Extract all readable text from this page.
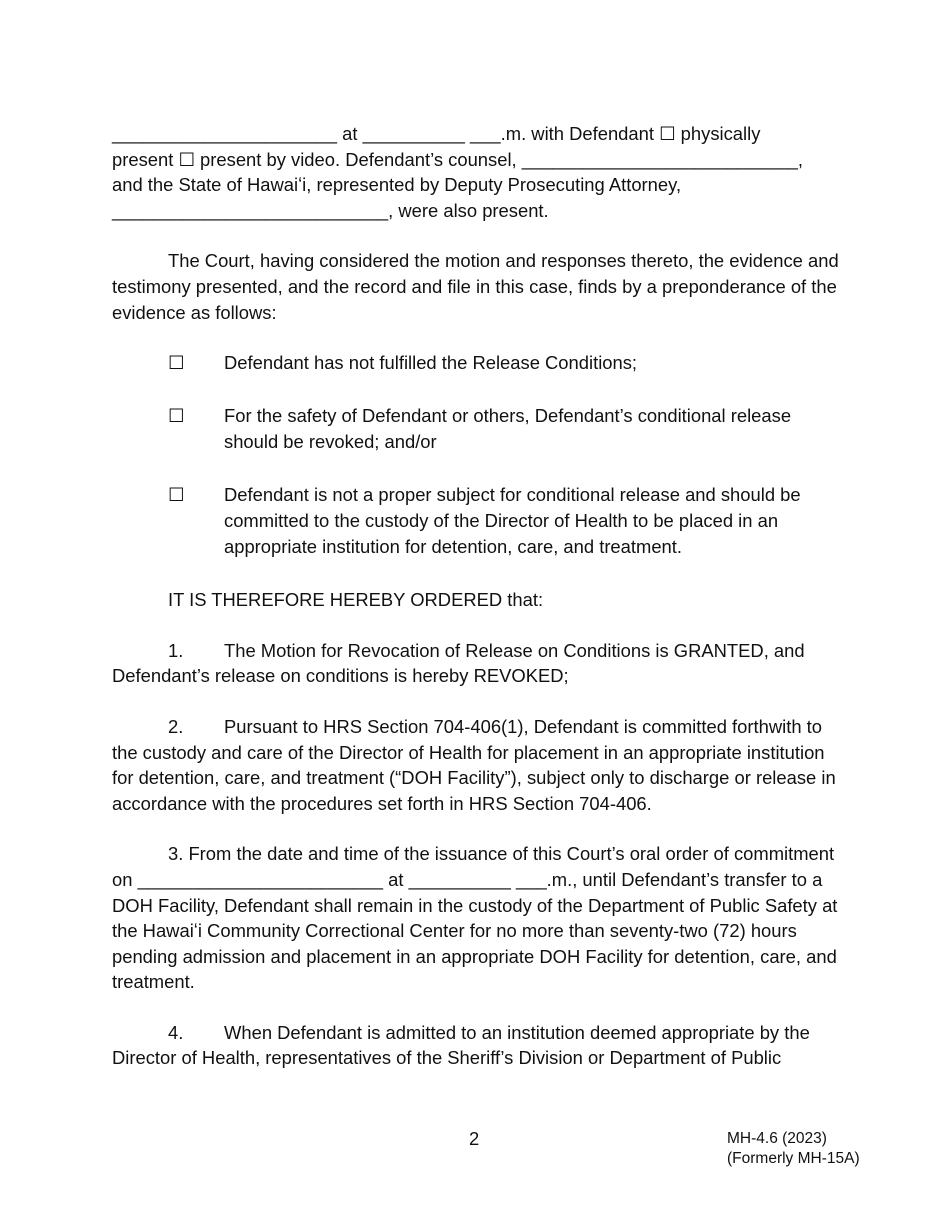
______________________ at __________ ___.m. with Defendant ☐ physically

present ☐ present by video. Defendant’s counsel, ___________________________,

and the State of Hawaiʻi, represented by Deputy Prosecuting Attorney,

___________________________, were also present.

The Court, having considered the motion and responses thereto, the evidence and testimony presented, and the record and file in this case, finds by a preponderance of the evidence as follows:

☐	Defendant has not fulfilled the Release Conditions;
☐	For the safety of Defendant or others, Defendant’s conditional release should be revoked; and/or
☐	Defendant is not a proper subject for conditional release and should be committed to the custody of the Director of Health to be placed in an appropriate institution for detention, care, and treatment.

IT IS THEREFORE HEREBY ORDERED that:

1. The Motion for Revocation of Release on Conditions is GRANTED, and Defendant’s release on conditions is hereby REVOKED;

2. Pursuant to HRS Section 704-406(1), Defendant is committed forthwith to the custody and care of the Director of Health for placement in an appropriate institution for detention, care, and treatment (“DOH Facility”), subject only to discharge or release in accordance with the procedures set forth in HRS Section 704-406.

3. From the date and time of the issuance of this Court’s oral order of commitment on ________________________ at __________ ___.m., until Defendant’s transfer to a DOH Facility, Defendant shall remain in the custody of the Department of Public Safety at the Hawaiʻi Community Correctional Center for no more than seventy-two (72) hours pending admission and placement in an appropriate DOH Facility for detention, care, and treatment.

4. When Defendant is admitted to an institution deemed appropriate by the Director of Health, representatives of the Sheriff’s Division or Department of Public

2	MH-4.6 (2023)
(Formerly MH-15A)
